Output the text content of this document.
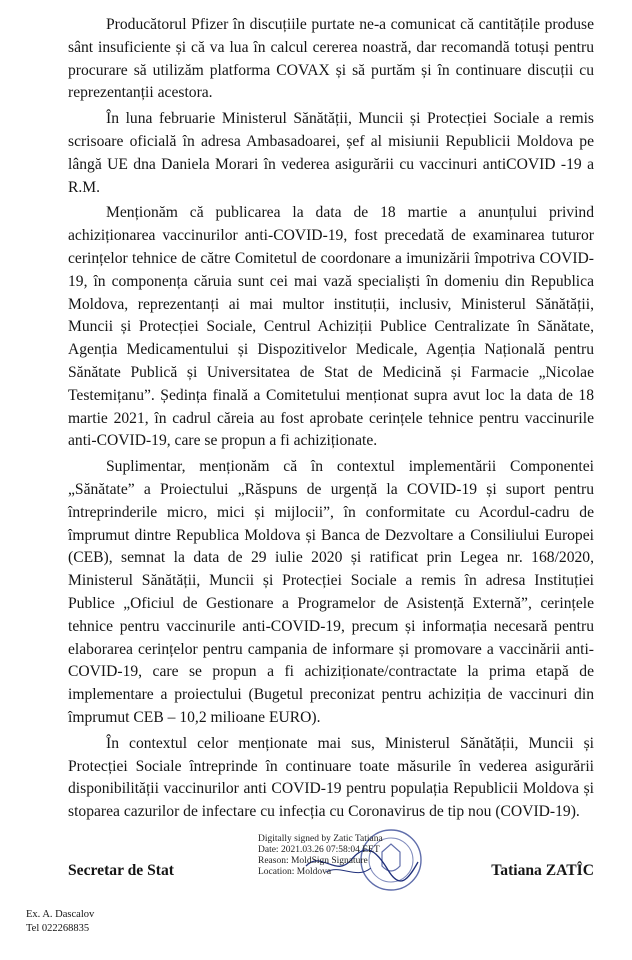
Producătorul Pfizer în discuțiile purtate ne-a comunicat că cantitățile produse sânt insuficiente și că va lua în calcul cererea noastră, dar recomandă totuși pentru procurare să utilizăm platforma COVAX și să purtăm și în continuare discuții cu reprezentanții acestora.

În luna februarie Ministerul Sănătății, Muncii și Protecției Sociale a remis scrisoare oficială în adresa Ambasadoarei, șef al misiunii Republicii Moldova pe lângă UE dna Daniela Morari în vederea asigurării cu vaccinuri antiCOVID -19 a R.M.

Menționăm că publicarea la data de 18 martie a anunțului privind achiziționarea vaccinurilor anti-COVID-19, fost precedată de examinarea tuturor cerințelor tehnice de către Comitetul de coordonare a imunizării împotriva COVID-19, în componența căruia sunt cei mai vază specialiști în domeniu din Republica Moldova, reprezentanți ai mai multor instituții, inclusiv, Ministerul Sănătății, Muncii și Protecției Sociale, Centrul Achiziții Publice Centralizate în Sănătate, Agenția Medicamentului și Dispozitivelor Medicale, Agenția Națională pentru Sănătate Publică și Universitatea de Stat de Medicină și Farmacie „Nicolae Testemițanu”. Ședința finală a Comitetului menționat supra avut loc la data de 18 martie 2021, în cadrul căreia au fost aprobate cerințele tehnice pentru vaccinurile anti-COVID-19, care se propun a fi achiziționate.

Suplimentar, menționăm că în contextul implementării Componentei „Sănătate” a Proiectului „Răspuns de urgență la COVID-19 și suport pentru întreprinderile micro, mici și mijlocii”, în conformitate cu Acordul-cadru de împrumut dintre Republica Moldova și Banca de Dezvoltare a Consiliului Europei (CEB), semnat la data de 29 iulie 2020 și ratificat prin Legea nr. 168/2020, Ministerul Sănătății, Muncii și Protecției Sociale a remis în adresa Instituției Publice „Oficiul de Gestionare a Programelor de Asistență Externă”, cerințele tehnice pentru vaccinurile anti-COVID-19, precum și informația necesară pentru elaborarea cerințelor pentru campania de informare și promovare a vaccinării anti-COVID-19, care se propun a fi achiziționate/contractate la prima etapă de implementare a proiectului (Bugetul preconizat pentru achiziția de vaccinuri din împrumut CEB – 10,2 milioane EURO).

În contextul celor menționate mai sus, Ministerul Sănătății, Muncii și Protecției Sociale întreprinde în continuare toate măsurile în vederea asigurării disponibilității vaccinurilor anti COVID-19 pentru populația Republicii Moldova și stoparea cazurilor de infectare cu infecția cu Coronavirus de tip nou (COVID-19).

Digitally signed by Zatic Tatiana
Date: 2021.03.26 07:58:04 EET
Reason: MoldSign Signature
Location: Moldova
Secretar de Stat	Tatiana ZATÎC
Ex. A. Dascalov
Tel 022268835
